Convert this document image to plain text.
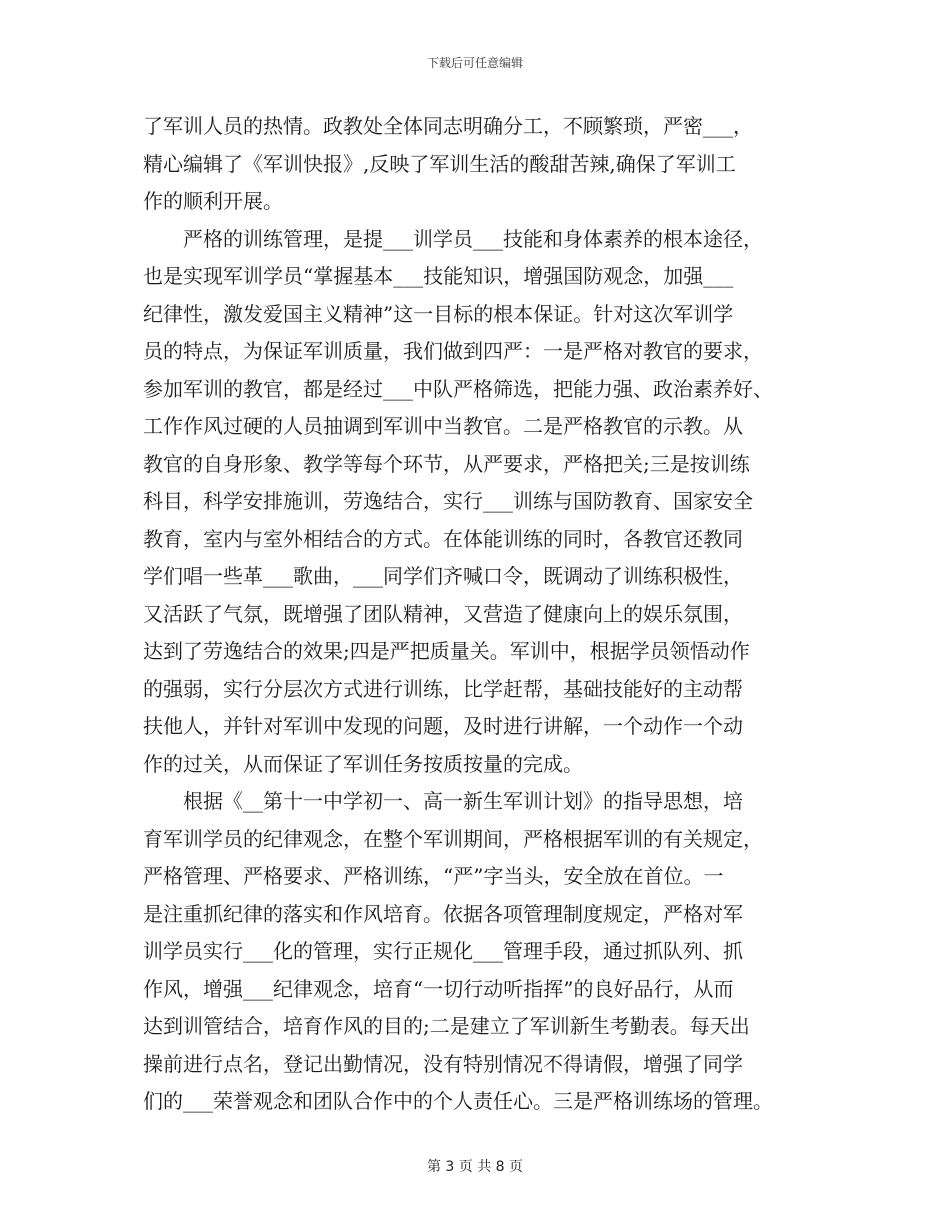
下载后可任意编辑
了军训人员的热情。政教处全体同志明确分工，不顾繁琐，严密___，
精心编辑了《军训快报》,反映了军训生活的酸甜苦辣,确保了军训工
作的顺利开展。
　　严格的训练管理，是提___训学员___技能和身体素养的根本途径，
也是实现军训学员“掌握基本___技能知识，增强国防观念，加强___
纪律性，激发爱国主义精神”这一目标的根本保证。针对这次军训学
员的特点，为保证军训质量，我们做到四严：一是严格对教官的要求，
参加军训的教官，都是经过___中队严格筛选，把能力强、政治素养好、
工作作风过硬的人员抽调到军训中当教官。二是严格教官的示教。从
教官的自身形象、教学等每个环节，从严要求，严格把关;三是按训练
科目，科学安排施训，劳逸结合，实行___训练与国防教育、国家安全
教育，室内与室外相结合的方式。在体能训练的同时，各教官还教同
学们唱一些革___歌曲，___同学们齐喊口令，既调动了训练积极性，
又活跃了气氛，既增强了团队精神，又营造了健康向上的娱乐氛围，
达到了劳逸结合的效果;四是严把质量关。军训中，根据学员领悟动作
的强弱，实行分层次方式进行训练，比学赶帮，基础技能好的主动帮
扶他人，并针对军训中发现的问题，及时进行讲解，一个动作一个动
作的过关，从而保证了军训任务按质按量的完成。
　　根据《__第十一中学初一、高一新生军训计划》的指导思想，培
育军训学员的纪律观念，在整个军训期间，严格根据军训的有关规定，
严格管理、严格要求、严格训练，“严”字当头，安全放在首位。一
是注重抓纪律的落实和作风培育。依据各项管理制度规定，严格对军
训学员实行___化的管理，实行正规化___管理手段，通过抓队列、抓
作风，增强___纪律观念，培育“一切行动听指挥”的良好品行，从而
达到训管结合，培育作风的目的;二是建立了军训新生考勤表。每天出
操前进行点名，登记出勤情况，没有特别情况不得请假，增强了同学
们的___荣誉观念和团队合作中的个人责任心。三是严格训练场的管理。
第 3 页 共 8 页
